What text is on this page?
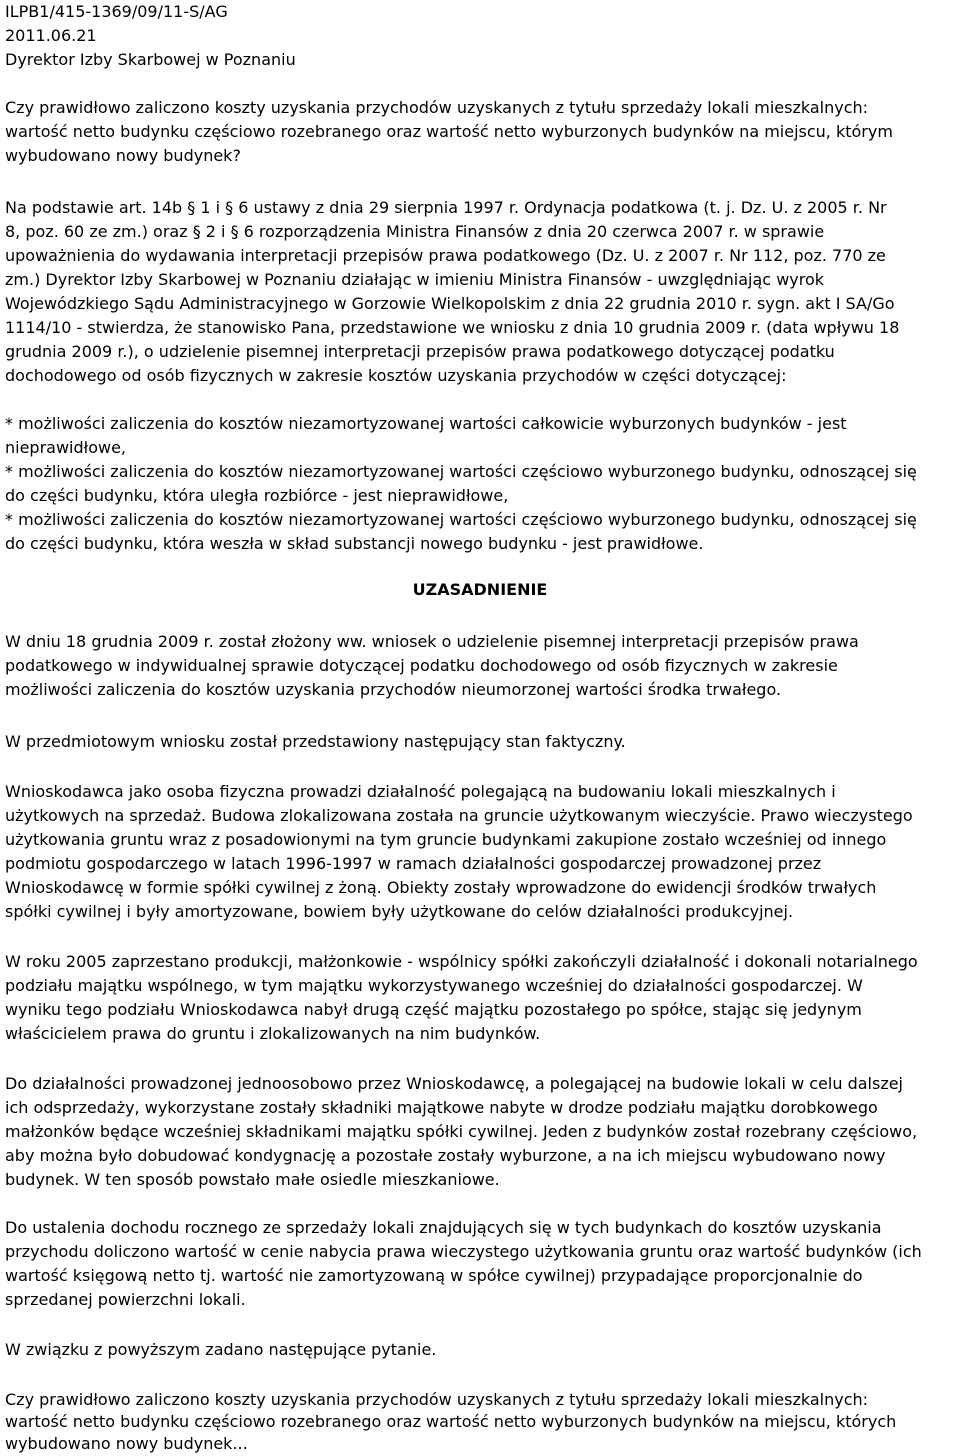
ILPB1/415-1369/09/11-S/AG
2011.06.21
Dyrektor Izby Skarbowej w Poznaniu
Czy prawidłowo zaliczono koszty uzyskania przychodów uzyskanych z tytułu sprzedaży lokali mieszkalnych:
wartość netto budynku częściowo rozebranego oraz wartość netto wyburzonych budynków na miejscu, którym
wybudowano nowy budynek?
Na podstawie art. 14b § 1 i § 6 ustawy z dnia 29 sierpnia 1997 r. Ordynacja podatkowa (t. j. Dz. U. z 2005 r. Nr
8, poz. 60 ze zm.) oraz § 2 i § 6 rozporządzenia Ministra Finansów z dnia 20 czerwca 2007 r. w sprawie
upoważnienia do wydawania interpretacji przepisów prawa podatkowego (Dz. U. z 2007 r. Nr 112, poz. 770 ze
zm.) Dyrektor Izby Skarbowej w Poznaniu działając w imieniu Ministra Finansów - uwzględniając wyrok
Wojewódzkiego Sądu Administracyjnego w Gorzowie Wielkopolskim z dnia 22 grudnia 2010 r. sygn. akt I SA/Go
1114/10 - stwierdza, że stanowisko Pana, przedstawione we wniosku z dnia 10 grudnia 2009 r. (data wpływu 18
grudnia 2009 r.), o udzielenie pisemnej interpretacji przepisów prawa podatkowego dotyczącej podatku
dochodowego od osób fizycznych w zakresie kosztów uzyskania przychodów w części dotyczącej:
* możliwości zaliczenia do kosztów niezamortyzowanej wartości całkowicie wyburzonych budynków - jest
nieprawidłowe,
* możliwości zaliczenia do kosztów niezamortyzowanej wartości częściowo wyburzonego budynku, odnoszącej się
do części budynku, która uległa rozbiórce - jest nieprawidłowe,
* możliwości zaliczenia do kosztów niezamortyzowanej wartości częściowo wyburzonego budynku, odnoszącej się
do części budynku, która weszła w skład substancji nowego budynku - jest prawidłowe.
UZASADNIENIE
W dniu 18 grudnia 2009 r. został złożony ww. wniosek o udzielenie pisemnej interpretacji przepisów prawa
podatkowego w indywidualnej sprawie dotyczącej podatku dochodowego od osób fizycznych w zakresie
możliwości zaliczenia do kosztów uzyskania przychodów nieumorzonej wartości środka trwałego.
W przedmiotowym wniosku został przedstawiony następujący stan faktyczny.
Wnioskodawca jako osoba fizyczna prowadzi działalność polegającą na budowaniu lokali mieszkalnych i
użytkowych na sprzedaż. Budowa zlokalizowana została na gruncie użytkowanym wieczyście. Prawo wieczystego
użytkowania gruntu wraz z posadowionymi na tym gruncie budynkami zakupione zostało wcześniej od innego
podmiotu gospodarczego w latach 1996-1997 w ramach działalności gospodarczej prowadzonej przez
Wnioskodawcę w formie spółki cywilnej z żoną. Obiekty zostały wprowadzone do ewidencji środków trwałych
spółki cywilnej i były amortyzowane, bowiem były użytkowane do celów działalności produkcyjnej.
W roku 2005 zaprzestano produkcji, małżonkowie - wspólnicy spółki zakończyli działalność i dokonali notarialnego
podziału majątku wspólnego, w tym majątku wykorzystywanego wcześniej do działalności gospodarczej. W
wyniku tego podziału Wnioskodawca nabył drugą część majątku pozostałego po spółce, stając się jedynym
właścicielem prawa do gruntu i zlokalizowanych na nim budynków.
Do działalności prowadzonej jednoosobowo przez Wnioskodawcę, a polegającej na budowie lokali w celu dalszej
ich odsprzedaży, wykorzystane zostały składniki majątkowe nabyte w drodze podziału majątku dorobkowego
małżonków będące wcześniej składnikami majątku spółki cywilnej. Jeden z budynków został rozebrany częściowo,
aby można było dobudować kondygnację a pozostałe zostały wyburzone, a na ich miejscu wybudowano nowy
budynek. W ten sposób powstało małe osiedle mieszkaniowe.
Do ustalenia dochodu rocznego ze sprzedaży lokali znajdujących się w tych budynkach do kosztów uzyskania
przychodu doliczono wartość w cenie nabycia prawa wieczystego użytkowania gruntu oraz wartość budynków (ich
wartość księgową netto tj. wartość nie zamortyzowaną w spółce cywilnej) przypadające proporcjonalnie do
sprzedanej powierzchni lokali.
W związku z powyższym zadano następujące pytanie.
Czy prawidłowo zaliczono koszty uzyskania przychodów uzyskanych z tytułu sprzedaży lokali mieszkalnych:
wartość netto budynku częściowo rozebranego oraz wartość netto wyburzonych budynków na miejscu, których
wybudowano nowy budynek...
